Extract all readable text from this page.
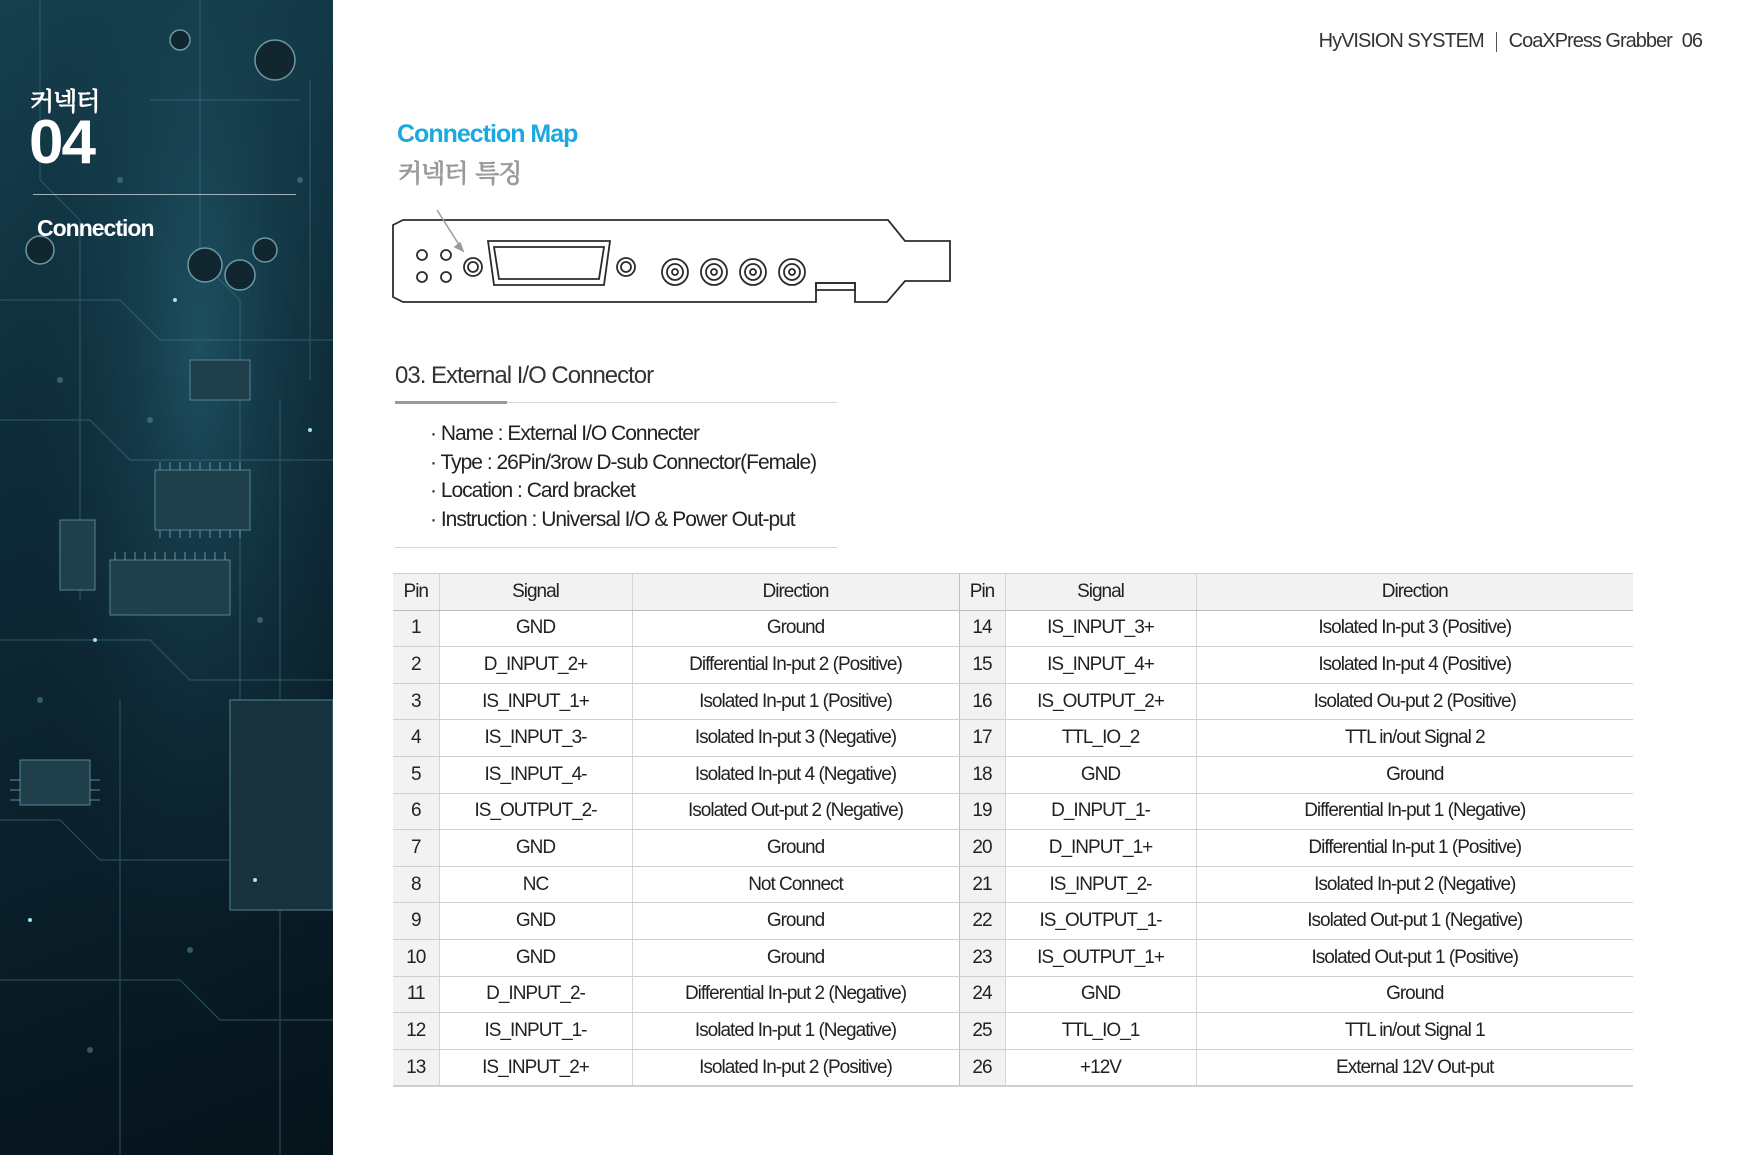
커넥터
04
Connection
HyVISION SYSTEM CoaXPress Grabber 06
Connection Map
커넥터 특징
03. External I/O Connector
· Name : External I/O Connecter
· Type : 26Pin/3row D-sub Connector(Female)
· Location : Card bracket
· Instruction : Universal I/O & Power Out-put
Pin	Signal	Direction	Pin	Signal	Direction
1	GND	Ground	14	IS_INPUT_3+	Isolated In-put 3 (Positive)
2	D_INPUT_2+	Differential In-put 2 (Positive)	15	IS_INPUT_4+	Isolated In-put 4 (Positive)
3	IS_INPUT_1+	Isolated In-put 1 (Positive)	16	IS_OUTPUT_2+	Isolated Ou-put 2 (Positive)
4	IS_INPUT_3-	Isolated In-put 3 (Negative)	17	TTL_IO_2	TTL in/out Signal 2
5	IS_INPUT_4-	Isolated In-put 4 (Negative)	18	GND	Ground
6	IS_OUTPUT_2-	Isolated Out-put 2 (Negative)	19	D_INPUT_1-	Differential In-put 1 (Negative)
7	GND	Ground	20	D_INPUT_1+	Differential In-put 1 (Positive)
8	NC	Not Connect	21	IS_INPUT_2-	Isolated In-put 2 (Negative)
9	GND	Ground	22	IS_OUTPUT_1-	Isolated Out-put 1 (Negative)
10	GND	Ground	23	IS_OUTPUT_1+	Isolated Out-put 1 (Positive)
11	D_INPUT_2-	Differential In-put 2 (Negative)	24	GND	Ground
12	IS_INPUT_1-	Isolated In-put 1 (Negative)	25	TTL_IO_1	TTL in/out Signal 1
13	IS_INPUT_2+	Isolated In-put 2 (Positive)	26	+12V	External 12V Out-put
